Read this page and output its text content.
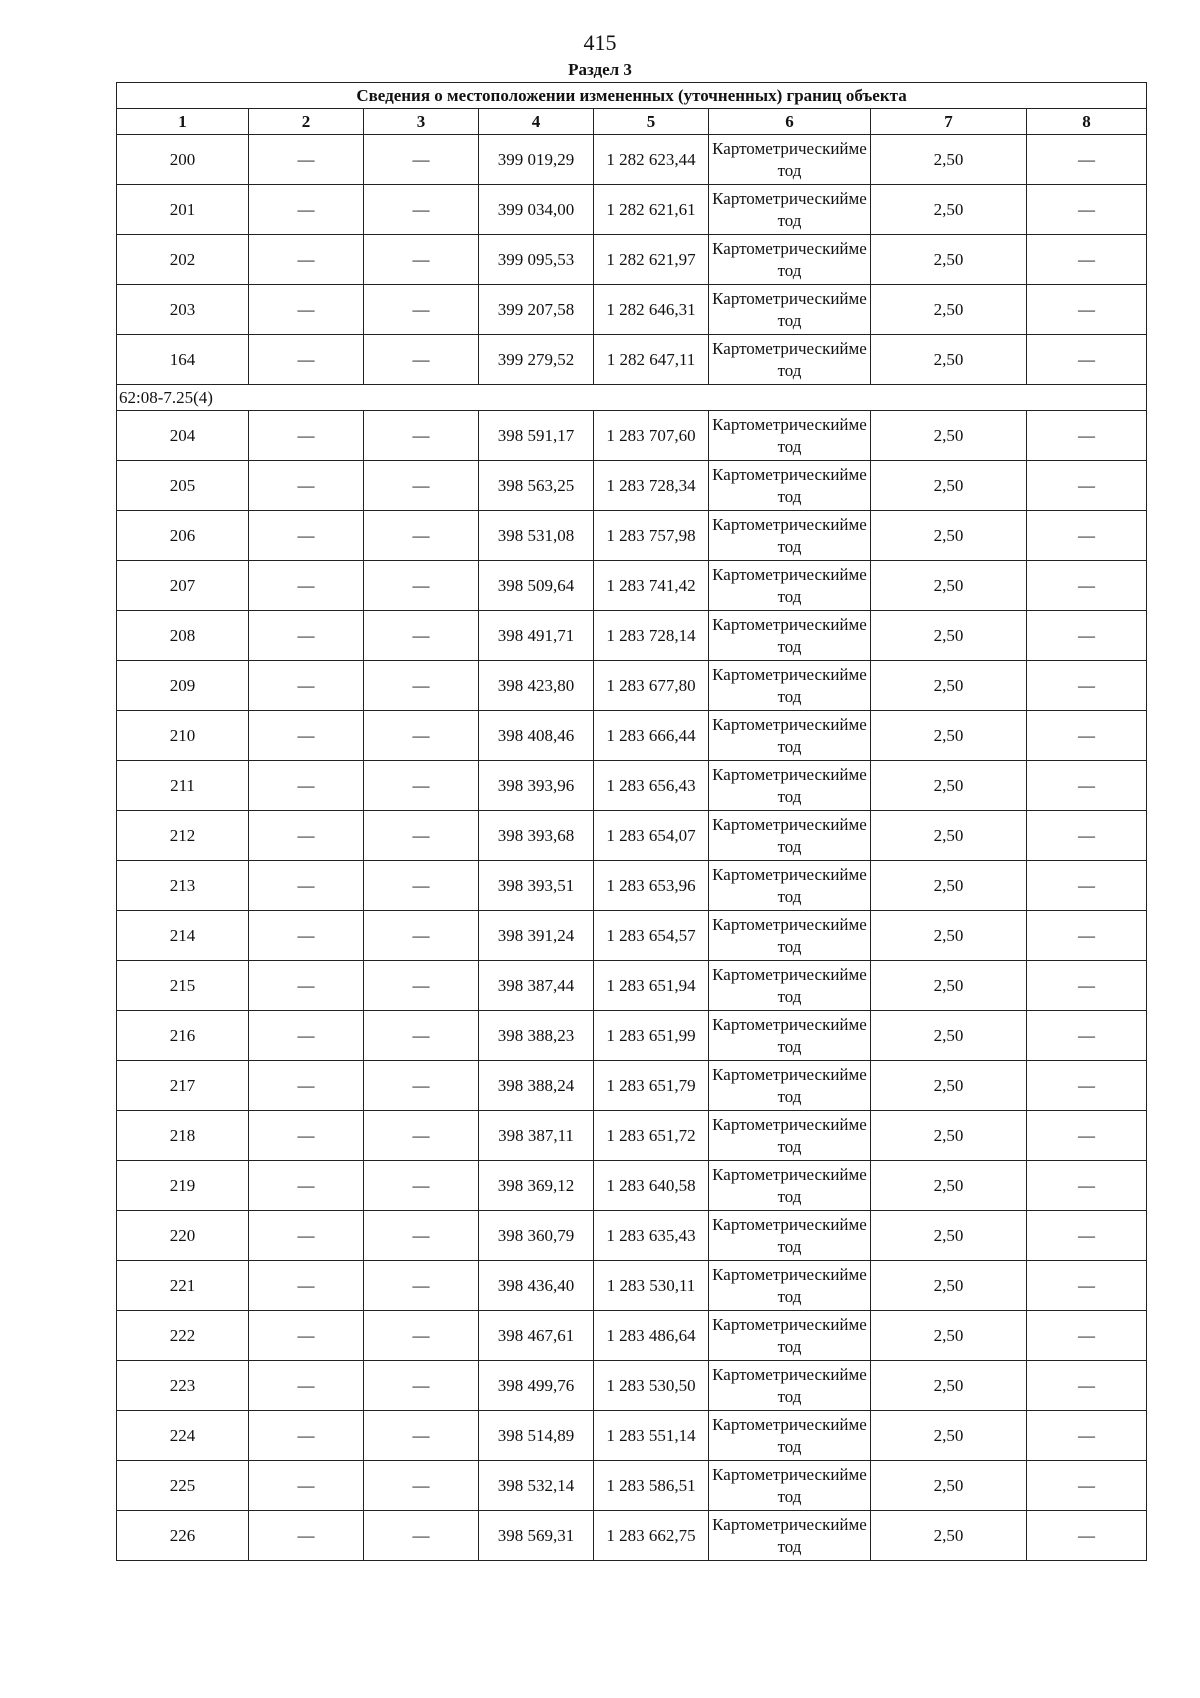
415
Раздел 3
Сведения о местоположении измененных (уточненных) границ объекта							
1	2	3	4	5	6	7	8
200	—	—	399 019,29	1 282 623,44	Картометрическийметод	2,50	—
201	—	—	399 034,00	1 282 621,61	Картометрическийметод	2,50	—
202	—	—	399 095,53	1 282 621,97	Картометрическийметод	2,50	—
203	—	—	399 207,58	1 282 646,31	Картометрическийметод	2,50	—
164	—	—	399 279,52	1 282 647,11	Картометрическийметод	2,50	—
62:08-7.25(4)							
204	—	—	398 591,17	1 283 707,60	Картометрическийметод	2,50	—
205	—	—	398 563,25	1 283 728,34	Картометрическийметод	2,50	—
206	—	—	398 531,08	1 283 757,98	Картометрическийметод	2,50	—
207	—	—	398 509,64	1 283 741,42	Картометрическийметод	2,50	—
208	—	—	398 491,71	1 283 728,14	Картометрическийметод	2,50	—
209	—	—	398 423,80	1 283 677,80	Картометрическийметод	2,50	—
210	—	—	398 408,46	1 283 666,44	Картометрическийметод	2,50	—
211	—	—	398 393,96	1 283 656,43	Картометрическийметод	2,50	—
212	—	—	398 393,68	1 283 654,07	Картометрическийметод	2,50	—
213	—	—	398 393,51	1 283 653,96	Картометрическийметод	2,50	—
214	—	—	398 391,24	1 283 654,57	Картометрическийметод	2,50	—
215	—	—	398 387,44	1 283 651,94	Картометрическийметод	2,50	—
216	—	—	398 388,23	1 283 651,99	Картометрическийметод	2,50	—
217	—	—	398 388,24	1 283 651,79	Картометрическийметод	2,50	—
218	—	—	398 387,11	1 283 651,72	Картометрическийметод	2,50	—
219	—	—	398 369,12	1 283 640,58	Картометрическийметод	2,50	—
220	—	—	398 360,79	1 283 635,43	Картометрическийметод	2,50	—
221	—	—	398 436,40	1 283 530,11	Картометрическийметод	2,50	—
222	—	—	398 467,61	1 283 486,64	Картометрическийметод	2,50	—
223	—	—	398 499,76	1 283 530,50	Картометрическийметод	2,50	—
224	—	—	398 514,89	1 283 551,14	Картометрическийметод	2,50	—
225	—	—	398 532,14	1 283 586,51	Картометрическийметод	2,50	—
226	—	—	398 569,31	1 283 662,75	Картометрическийметод	2,50	—
